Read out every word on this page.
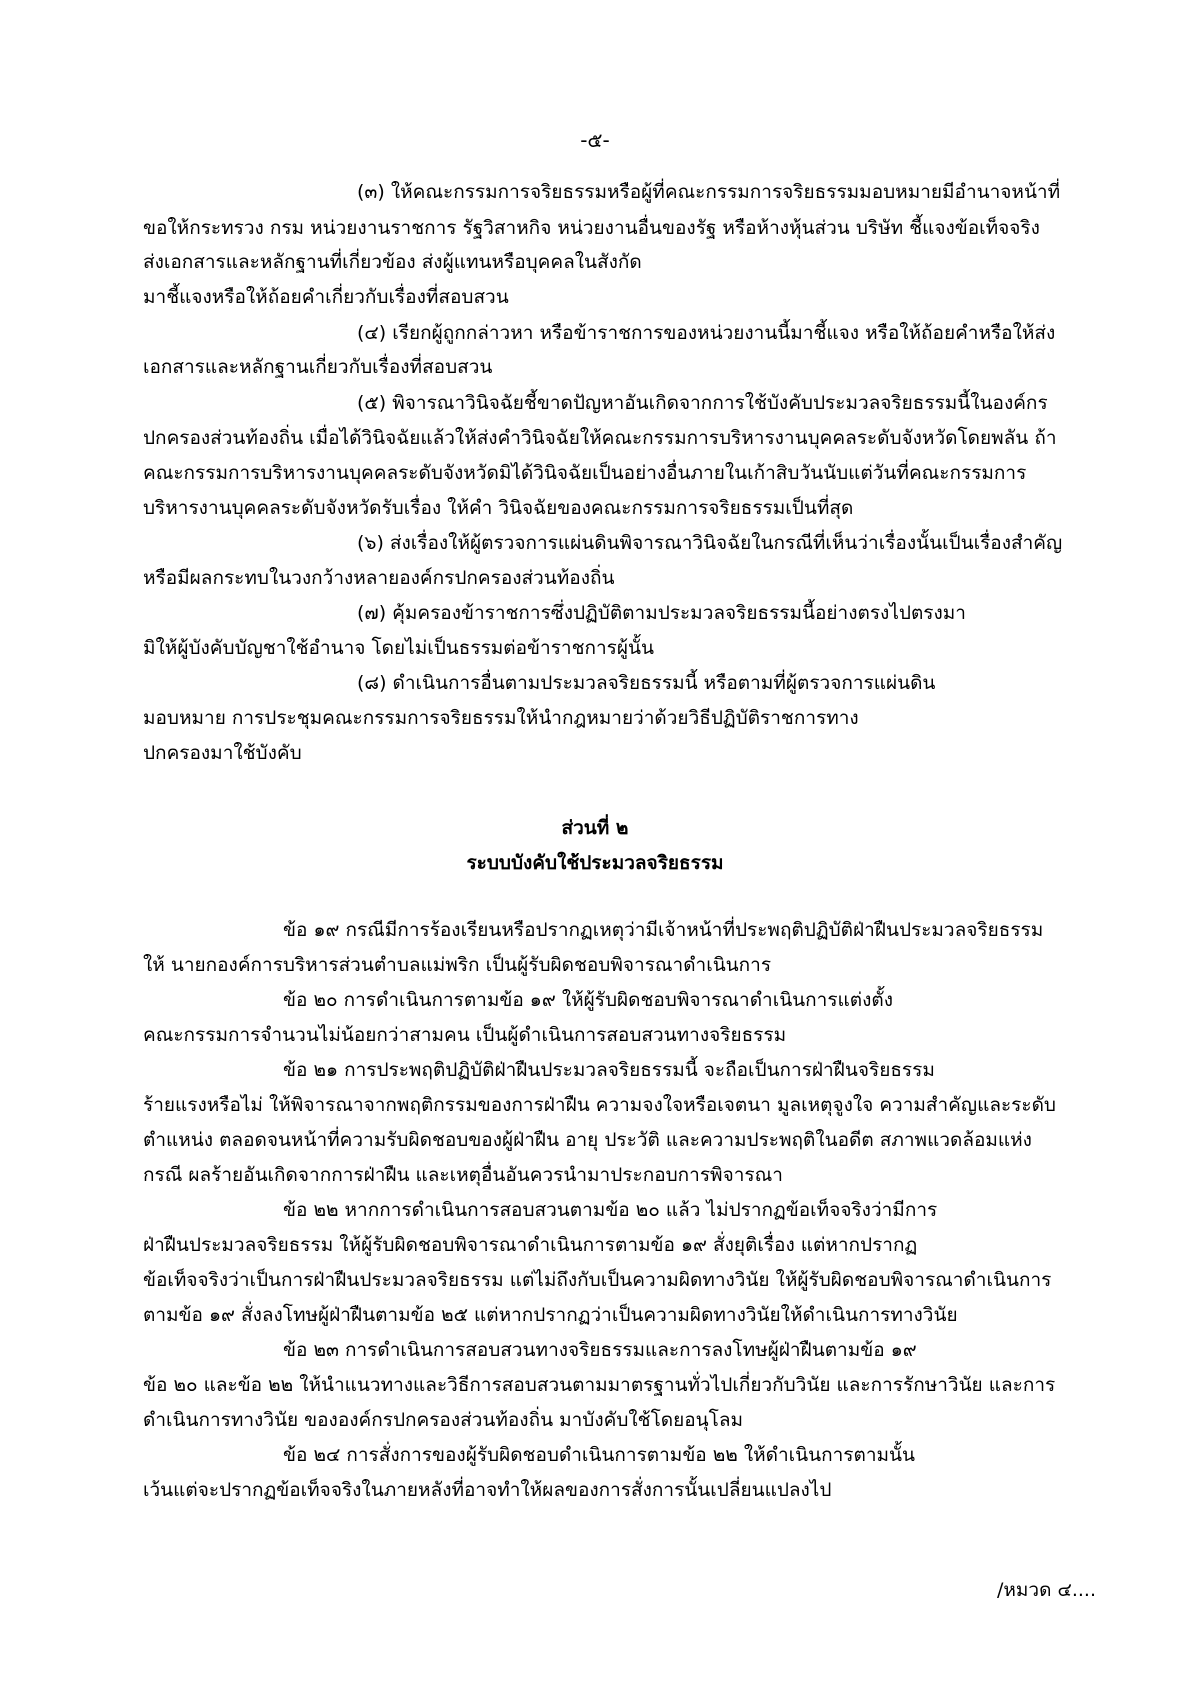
-๕-
(๓) ให้คณะกรรมการจริยธรรมหรือผู้ที่คณะกรรมการจริยธรรมมอบหมายมีอำนาจหน้าที่
ขอให้กระทรวง กรม หน่วยงานราชการ รัฐวิสาหกิจ หน่วยงานอื่นของรัฐ หรือห้างหุ้นส่วน บริษัท ชี้แจงข้อเท็จจริง
ส่งเอกสารและหลักฐานที่เกี่ยวข้อง ส่งผู้แทนหรือบุคคลในสังกัด
มาชี้แจงหรือให้ถ้อยคำเกี่ยวกับเรื่องที่สอบสวน
(๔) เรียกผู้ถูกกล่าวหา หรือข้าราชการของหน่วยงานนี้มาชี้แจง หรือให้ถ้อยคำหรือให้ส่ง
เอกสารและหลักฐานเกี่ยวกับเรื่องที่สอบสวน
(๕) พิจารณาวินิจฉัยชี้ขาดปัญหาอันเกิดจากการใช้บังคับประมวลจริยธรรมนี้ในองค์กร
ปกครองส่วนท้องถิ่น เมื่อได้วินิจฉัยแล้วให้ส่งคำวินิจฉัยให้คณะกรรมการบริหารงานบุคคลระดับจังหวัดโดยพลัน ถ้า
คณะกรรมการบริหารงานบุคคลระดับจังหวัดมิได้วินิจฉัยเป็นอย่างอื่นภายในเก้าสิบวันนับแต่วันที่คณะกรรมการ
บริหารงานบุคคลระดับจังหวัดรับเรื่อง ให้คำ วินิจฉัยของคณะกรรมการจริยธรรมเป็นที่สุด
(๖) ส่งเรื่องให้ผู้ตรวจการแผ่นดินพิจารณาวินิจฉัยในกรณีที่เห็นว่าเรื่องนั้นเป็นเรื่องสำคัญ
หรือมีผลกระทบในวงกว้างหลายองค์กรปกครองส่วนท้องถิ่น
(๗) คุ้มครองข้าราชการซึ่งปฏิบัติตามประมวลจริยธรรมนี้อย่างตรงไปตรงมา
มิให้ผู้บังคับบัญชาใช้อำนาจ โดยไม่เป็นธรรมต่อข้าราชการผู้นั้น
(๘) ดำเนินการอื่นตามประมวลจริยธรรมนี้ หรือตามที่ผู้ตรวจการแผ่นดิน
มอบหมาย การประชุมคณะกรรมการจริยธรรมให้นำกฎหมายว่าด้วยวิธีปฏิบัติราชการทาง
ปกครองมาใช้บังคับ
ส่วนที่ ๒
ระบบบังคับใช้ประมวลจริยธรรม
ข้อ ๑๙ กรณีมีการร้องเรียนหรือปรากฏเหตุว่ามีเจ้าหน้าที่ประพฤติปฏิบัติฝ่าฝืนประมวลจริยธรรม
ให้ นายกองค์การบริหารส่วนตำบลแม่พริก เป็นผู้รับผิดชอบพิจารณาดำเนินการ
ข้อ ๒๐ การดำเนินการตามข้อ ๑๙ ให้ผู้รับผิดชอบพิจารณาดำเนินการแต่งตั้ง
คณะกรรมการจำนวนไม่น้อยกว่าสามคน เป็นผู้ดำเนินการสอบสวนทางจริยธรรม
ข้อ ๒๑ การประพฤติปฏิบัติฝ่าฝืนประมวลจริยธรรมนี้ จะถือเป็นการฝ่าฝืนจริยธรรม
ร้ายแรงหรือไม่ ให้พิจารณาจากพฤติกรรมของการฝ่าฝืน ความจงใจหรือเจตนา มูลเหตุจูงใจ ความสำคัญและระดับ
ตำแหน่ง ตลอดจนหน้าที่ความรับผิดชอบของผู้ฝ่าฝืน อายุ ประวัติ และความประพฤติในอดีต สภาพแวดล้อมแห่ง
กรณี ผลร้ายอันเกิดจากการฝ่าฝืน และเหตุอื่นอันควรนำมาประกอบการพิจารณา
ข้อ ๒๒ หากการดำเนินการสอบสวนตามข้อ ๒๐ แล้ว ไม่ปรากฏข้อเท็จจริงว่ามีการ
ฝ่าฝืนประมวลจริยธรรม ให้ผู้รับผิดชอบพิจารณาดำเนินการตามข้อ ๑๙ สั่งยุติเรื่อง แต่หากปรากฏ
ข้อเท็จจริงว่าเป็นการฝ่าฝืนประมวลจริยธรรม แต่ไม่ถึงกับเป็นความผิดทางวินัย ให้ผู้รับผิดชอบพิจารณาดำเนินการ
ตามข้อ ๑๙ สั่งลงโทษผู้ฝ่าฝืนตามข้อ ๒๕ แต่หากปรากฏว่าเป็นความผิดทางวินัยให้ดำเนินการทางวินัย
ข้อ ๒๓ การดำเนินการสอบสวนทางจริยธรรมและการลงโทษผู้ฝ่าฝืนตามข้อ ๑๙
ข้อ ๒๐ และข้อ ๒๒ ให้นำแนวทางและวิธีการสอบสวนตามมาตรฐานทั่วไปเกี่ยวกับวินัย และการรักษาวินัย และการ
ดำเนินการทางวินัย ขององค์กรปกครองส่วนท้องถิ่น มาบังคับใช้โดยอนุโลม
ข้อ ๒๔ การสั่งการของผู้รับผิดชอบดำเนินการตามข้อ ๒๒ ให้ดำเนินการตามนั้น
เว้นแต่จะปรากฏข้อเท็จจริงในภายหลังที่อาจทำให้ผลของการสั่งการนั้นเปลี่ยนแปลงไป
/หมวด ๔....
